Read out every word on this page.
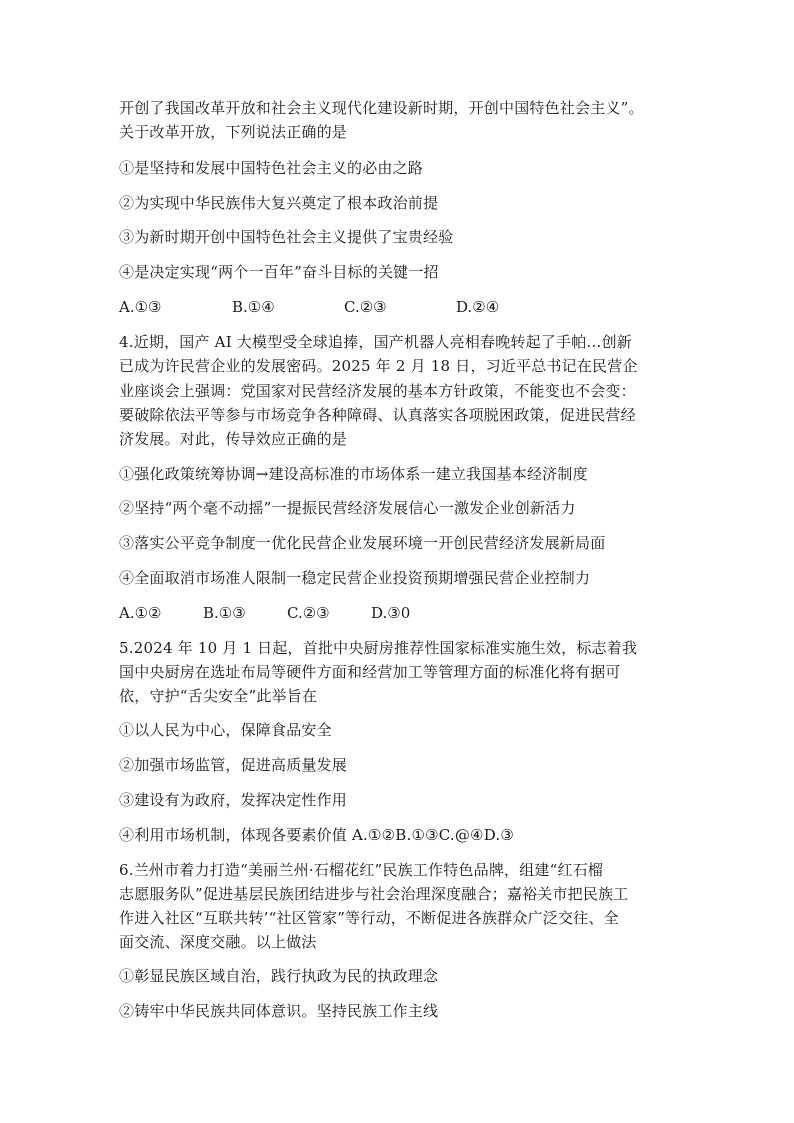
开创了我国改革开放和社会主义现代化建设新时期，开创中国特色社会主义”。
关于改革开放，下列说法正确的是
①是坚持和发展中国特色社会主义的必由之路
②为实现中华民族伟大复兴奠定了根本政治前提
③为新时期开创中国特色社会主义提供了宝贵经验
④是决定实现“两个一百年”奋斗目标的关键一招
A.①③	B.①④	C.②③	D.②④
4.近期，国产 AI 大模型受全球追捧，国产机器人亮相春晚转起了手帕…创新
已成为许民营企业的发展密码。2025 年 2 月 18 日，习近平总书记在民营企
业座谈会上强调：党国家对民营经济发展的基本方针政策，不能变也不会变：
要破除依法平等参与市场竞争各种障碍、认真落实各项脱困政策，促进民营经
济发展。对此，传导效应正确的是
①强化政策统筹协调→建设高标准的市场体系一建立我国基本经济制度
②坚持“两个毫不动摇”一提振民营经济发展信心一激发企业创新活力
③落实公平竞争制度一优化民营企业发展环境一开创民营经济发展新局面
④全面取消市场准人限制一稳定民营企业投资预期增强民营企业控制力
A.①②	B.①③	C.②③	D.③0
5.2024 年 10 月 1 日起，首批中央厨房推荐性国家标准实施生效，标志着我
国中央厨房在选址布局等硬件方面和经营加工等管理方面的标准化将有据可
依，守护“舌尖安全”此举旨在
①以人民为中心，保障食品安全
②加强市场监管，促进高质量发展
③建设有为政府，发挥决定性作用
④利用市场机制，体现各要素价值 A.①②B.①③C.@④D.③
6.兰州市着力打造“美丽兰州·石榴花红”民族工作特色品牌，组建“红石榴
志愿服务队”促进基层民族团结进步与社会治理深度融合；嘉裕关市把民族工
作进入社区“互联共转’“社区管家”等行动，不断促进各族群众广泛交往、全
面交流、深度交融。以上做法
①彰显民族区域自治，践行执政为民的执政理念
②铸牢中华民族共同体意识。坚持民族工作主线
